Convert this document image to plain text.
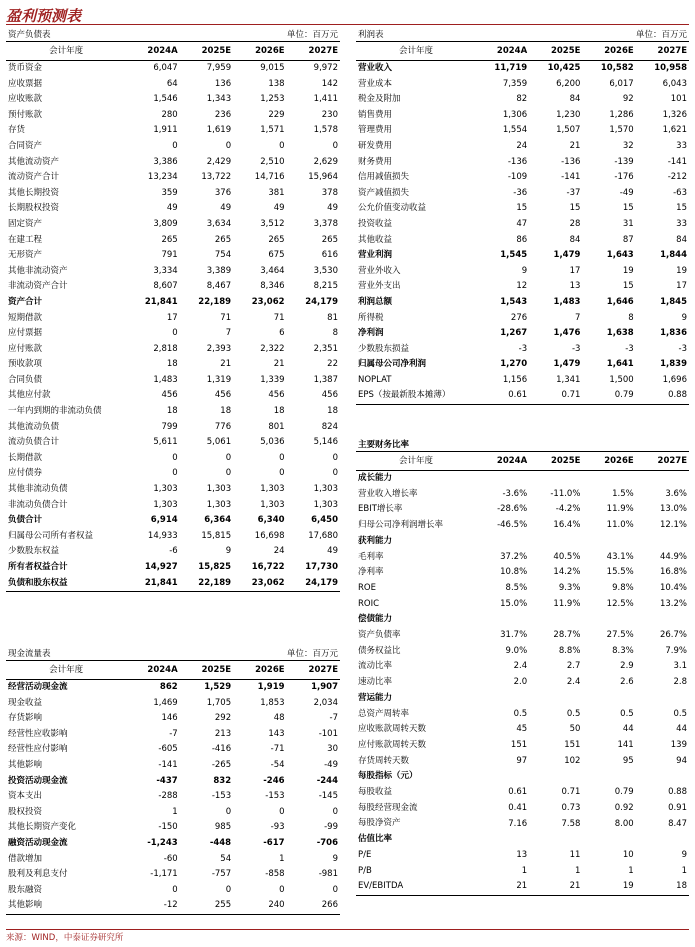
盈利预测表
资产负债表	单位：百万元
会计年度	2024A	2025E	2026E	2027E
货币资金	6,047	7,959	9,015	9,972
应收票据	64	136	138	142
应收账款	1,546	1,343	1,253	1,411
预付账款	280	236	229	230
存货	1,911	1,619	1,571	1,578
合同资产	0	0	0	0
其他流动资产	3,386	2,429	2,510	2,629
流动资产合计	13,234	13,722	14,716	15,964
其他长期投资	359	376	381	378
长期股权投资	49	49	49	49
固定资产	3,809	3,634	3,512	3,378
在建工程	265	265	265	265
无形资产	791	754	675	616
其他非流动资产	3,334	3,389	3,464	3,530
非流动资产合计	8,607	8,467	8,346	8,215
资产合计	21,841	22,189	23,062	24,179
短期借款	17	71	71	81
应付票据	0	7	6	8
应付账款	2,818	2,393	2,322	2,351
预收款项	18	21	21	22
合同负债	1,483	1,319	1,339	1,387
其他应付款	456	456	456	456
一年内到期的非流动负债	18	18	18	18
其他流动负债	799	776	801	824
流动负债合计	5,611	5,061	5,036	5,146
长期借款	0	0	0	0
应付债券	0	0	0	0
其他非流动负债	1,303	1,303	1,303	1,303
非流动负债合计	1,303	1,303	1,303	1,303
负债合计	6,914	6,364	6,340	6,450
归属母公司所有者权益	14,933	15,815	16,698	17,680
少数股东权益	-6	9	24	49
所有者权益合计	14,927	15,825	16,722	17,730
负债和股东权益	21,841	22,189	23,062	24,179
利润表	单位：百万元
会计年度	2024A	2025E	2026E	2027E
营业收入	11,719	10,425	10,582	10,958
营业成本	7,359	6,200	6,017	6,043
税金及附加	82	84	92	101
销售费用	1,306	1,230	1,286	1,326
管理费用	1,554	1,507	1,570	1,621
研发费用	24	21	32	33
财务费用	-136	-136	-139	-141
信用减值损失	-109	-141	-176	-212
资产减值损失	-36	-37	-49	-63
公允价值变动收益	15	15	15	15
投资收益	47	28	31	33
其他收益	86	84	87	84
营业利润	1,545	1,479	1,643	1,844
营业外收入	9	17	19	19
营业外支出	12	13	15	17
利润总额	1,543	1,483	1,646	1,845
所得税	276	7	8	9
净利润	1,267	1,476	1,638	1,836
少数股东损益	-3	-3	-3	-3
归属母公司净利润	1,270	1,479	1,641	1,839
NOPLAT	1,156	1,341	1,500	1,696
EPS（按最新股本摊薄）	0.61	0.71	0.79	0.88
主要财务比率
会计年度	2024A	2025E	2026E	2027E
成长能力				
营业收入增长率	-3.6%	-11.0%	1.5%	3.6%
EBIT增长率	-28.6%	-4.2%	11.9%	13.0%
归母公司净利润增长率	-46.5%	16.4%	11.0%	12.1%
获利能力				
毛利率	37.2%	40.5%	43.1%	44.9%
净利率	10.8%	14.2%	15.5%	16.8%
ROE	8.5%	9.3%	9.8%	10.4%
ROIC	15.0%	11.9%	12.5%	13.2%
偿债能力				
资产负债率	31.7%	28.7%	27.5%	26.7%
债务权益比	9.0%	8.8%	8.3%	7.9%
流动比率	2.4	2.7	2.9	3.1
速动比率	2.0	2.4	2.6	2.8
营运能力				
总资产周转率	0.5	0.5	0.5	0.5
应收账款周转天数	45	50	44	44
应付账款周转天数	151	151	141	139
存货周转天数	97	102	95	94
每股指标（元）				
每股收益	0.61	0.71	0.79	0.88
每股经营现金流	0.41	0.73	0.92	0.91
每股净资产	7.16	7.58	8.00	8.47
估值比率				
P/E	13	11	10	9
P/B	1	1	1	1
EV/EBITDA	21	21	19	18
现金流量表	单位：百万元
会计年度	2024A	2025E	2026E	2027E
经营活动现金流	862	1,529	1,919	1,907
现金收益	1,469	1,705	1,853	2,034
存货影响	146	292	48	-7
经营性应收影响	-7	213	143	-101
经营性应付影响	-605	-416	-71	30
其他影响	-141	-265	-54	-49
投资活动现金流	-437	832	-246	-244
资本支出	-288	-153	-153	-145
股权投资	1	0	0	0
其他长期资产变化	-150	985	-93	-99
融资活动现金流	-1,243	-448	-617	-706
借款增加	-60	54	1	9
股利及利息支付	-1,171	-757	-858	-981
股东融资	0	0	0	0
其他影响	-12	255	240	266
来源：WIND，中泰证券研究所
